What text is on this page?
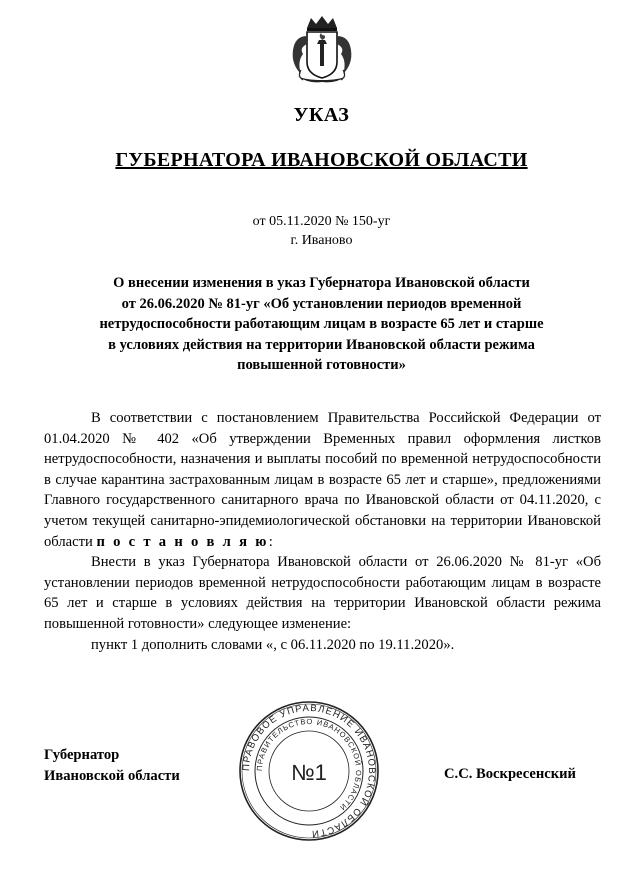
УКАЗ
ГУБЕРНАТОРА ИВАНОВСКОЙ ОБЛАСТИ
от 05.11.2020 № 150-уг
г. Иваново
О внесении изменения в указ Губернатора Ивановской области
от 26.06.2020 № 81-уг «Об установлении периодов временной
нетрудоспособности работающим лицам в возрасте 65 лет и старше
в условиях действия на территории Ивановской области режима
повышенной готовности»

В соответствии с постановлением Правительства Российской Федерации от 01.04.2020 № 402 «Об утверждении Временных правил оформления листков нетрудоспособности, назначения и выплаты пособий по временной нетрудоспособности в случае карантина застрахованным лицам в возрасте 65 лет и старше», предложениями Главного государственного санитарного врача по Ивановской области от 04.11.2020, с учетом текущей санитарно-эпидемиологической обстановки на территории Ивановской области п о с т а н о в л я ю:

Внести в указ Губернатора Ивановской области от 26.06.2020 № 81-уг «Об установлении периодов временной нетрудоспособности работающим лицам в возрасте 65 лет и старше в условиях действия на территории Ивановской области режима повышенной готовности» следующее изменение:

пункт 1 дополнить словами «, с 06.11.2020 по 19.11.2020».

Губернатор
Ивановской области	С.С. Воскресенский
ПРАВОВОЕ УПРАВЛЕНИЕ ИВАНОВСКОЙ ОБЛАСТИ
ПРАВИТЕЛЬСТВО ИВАНОВСКОЙ ОБЛАСТИ
№1
